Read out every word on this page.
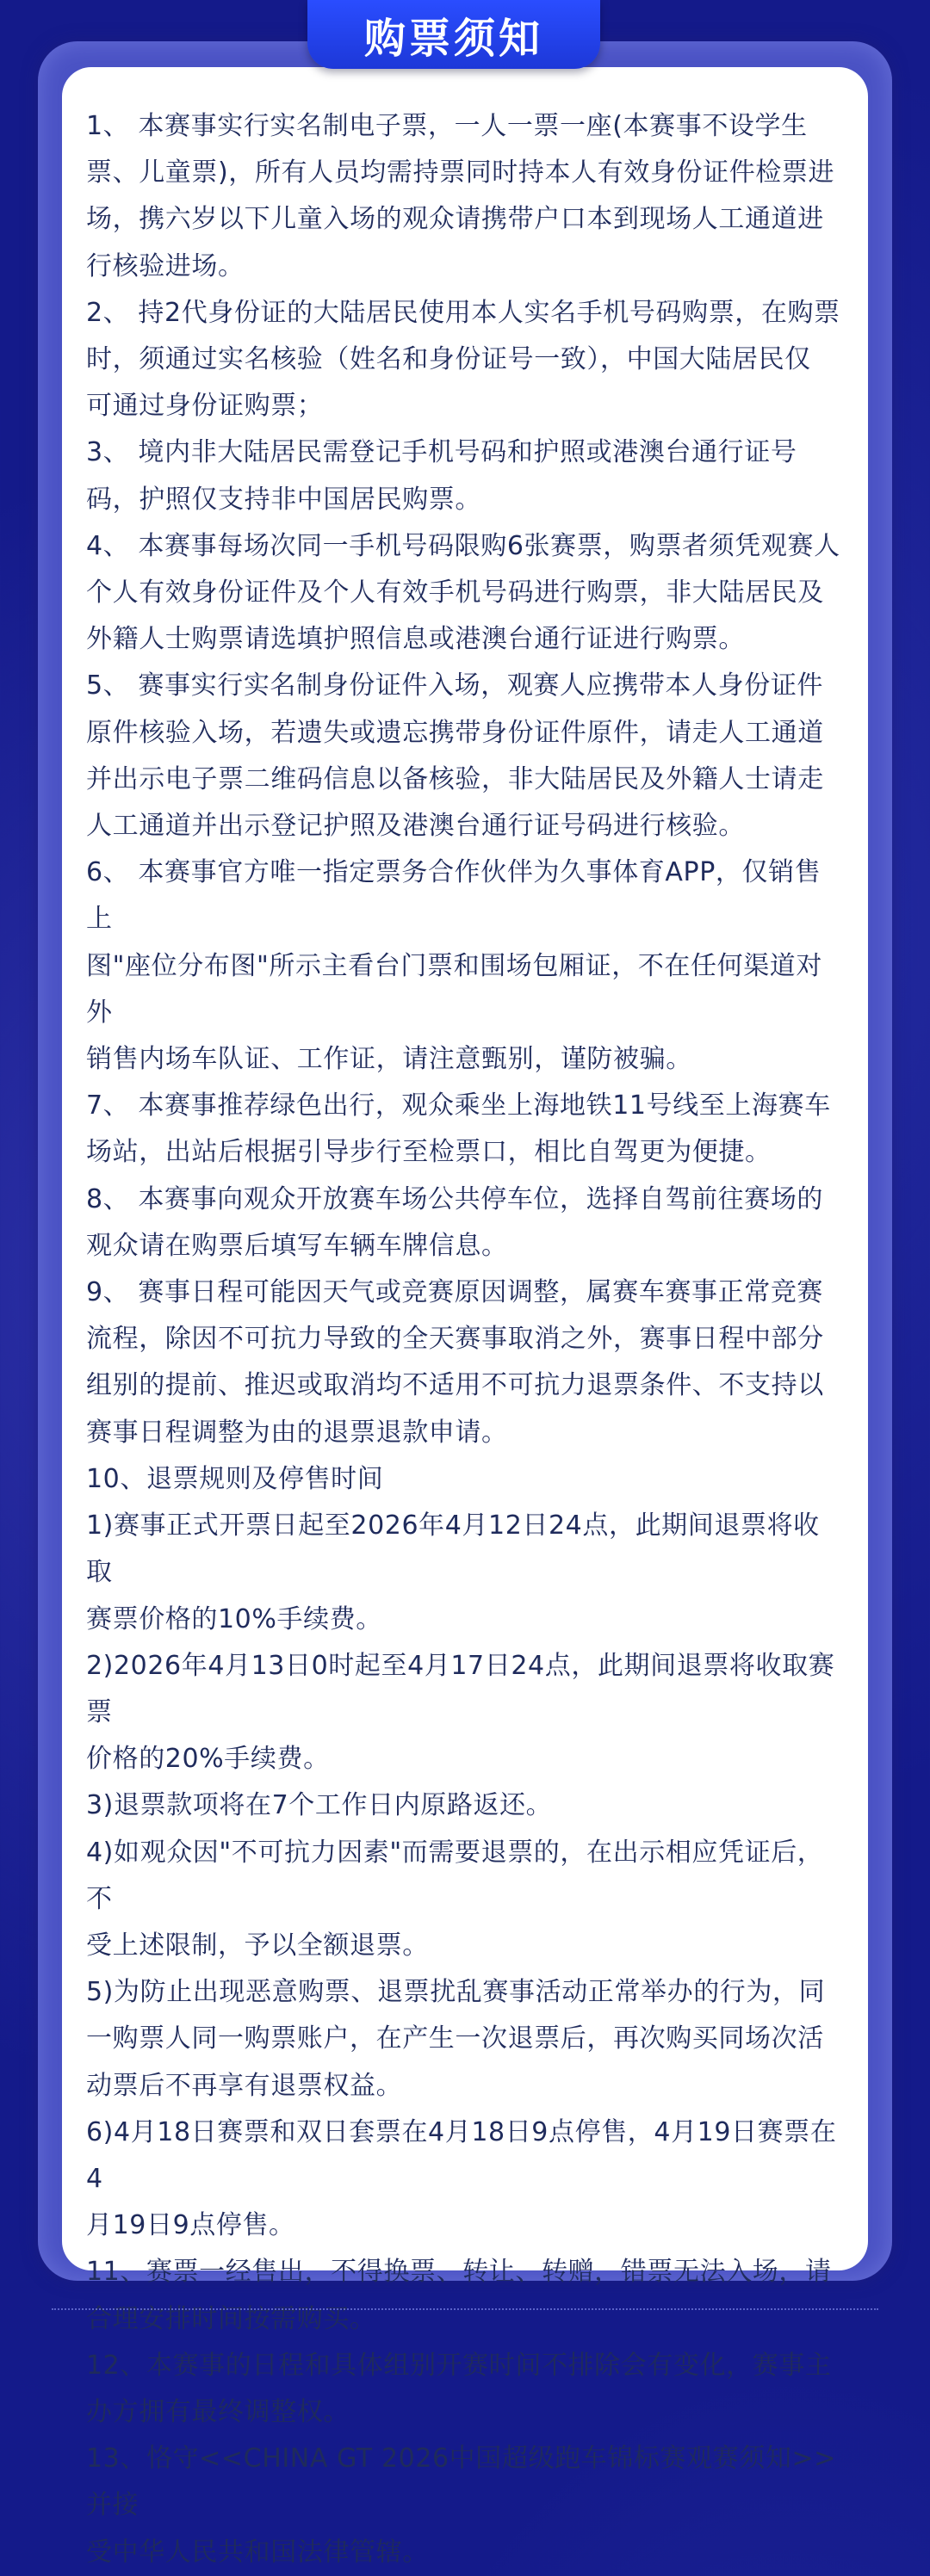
购票须知

1、 本赛事实行实名制电子票，一人一票一座(本赛事不设学生

票、儿童票)，所有人员均需持票同时持本人有效身份证件检票进

场，携六岁以下儿童入场的观众请携带户口本到现场人工通道进

行核验进场。

2、 持2代身份证的大陆居民使用本人实名手机号码购票，在购票

时，须通过实名核验（姓名和身份证号一致），中国大陆居民仅

可通过身份证购票；

3、 境内非大陆居民需登记手机号码和护照或港澳台通行证号

码，护照仅支持非中国居民购票。

4、 本赛事每场次同一手机号码限购6张赛票，购票者须凭观赛人

个人有效身份证件及个人有效手机号码进行购票，非大陆居民及

外籍人士购票请选填护照信息或港澳台通行证进行购票。

5、 赛事实行实名制身份证件入场，观赛人应携带本人身份证件

原件核验入场，若遗失或遗忘携带身份证件原件，请走人工通道

并出示电子票二维码信息以备核验，非大陆居民及外籍人士请走

人工通道并出示登记护照及港澳台通行证号码进行核验。

6、 本赛事官方唯一指定票务合作伙伴为久事体育APP，仅销售上

图"座位分布图"所示主看台门票和围场包厢证，不在任何渠道对外

销售内场车队证、工作证，请注意甄别，谨防被骗。

7、 本赛事推荐绿色出行，观众乘坐上海地铁11号线至上海赛车

场站，出站后根据引导步行至检票口，相比自驾更为便捷。

8、 本赛事向观众开放赛车场公共停车位，选择自驾前往赛场的

观众请在购票后填写车辆车牌信息。

9、 赛事日程可能因天气或竞赛原因调整，属赛车赛事正常竞赛

流程，除因不可抗力导致的全天赛事取消之外，赛事日程中部分

组别的提前、推迟或取消均不适用不可抗力退票条件、不支持以

赛事日程调整为由的退票退款申请。

10、退票规则及停售时间

1)赛事正式开票日起至2026年4月12日24点，此期间退票将收取

赛票价格的10%手续费。

2)2026年4月13日0时起至4月17日24点，此期间退票将收取赛票

价格的20%手续费。

3)退票款项将在7个工作日内原路返还。

4)如观众因"不可抗力因素"而需要退票的，在出示相应凭证后，不

受上述限制，予以全额退票。

5)为防止出现恶意购票、退票扰乱赛事活动正常举办的行为，同

一购票人同一购票账户，在产生一次退票后，再次购买同场次活

动票后不再享有退票权益。

6)4月18日赛票和双日套票在4月18日9点停售，4月19日赛票在4

月19日9点停售。

11、赛票一经售出，不得换票、转让、转赠，错票无法入场，请

合理安排时间按需购买。

12、本赛事的日程和具体组别开赛时间不排除会有变化，赛事主

办方拥有最终调整权。

13、恪守<<CHINA GT 2026中国超级跑车锦标赛观赛须知>>并接

受中华人民共和国法律管辖。
